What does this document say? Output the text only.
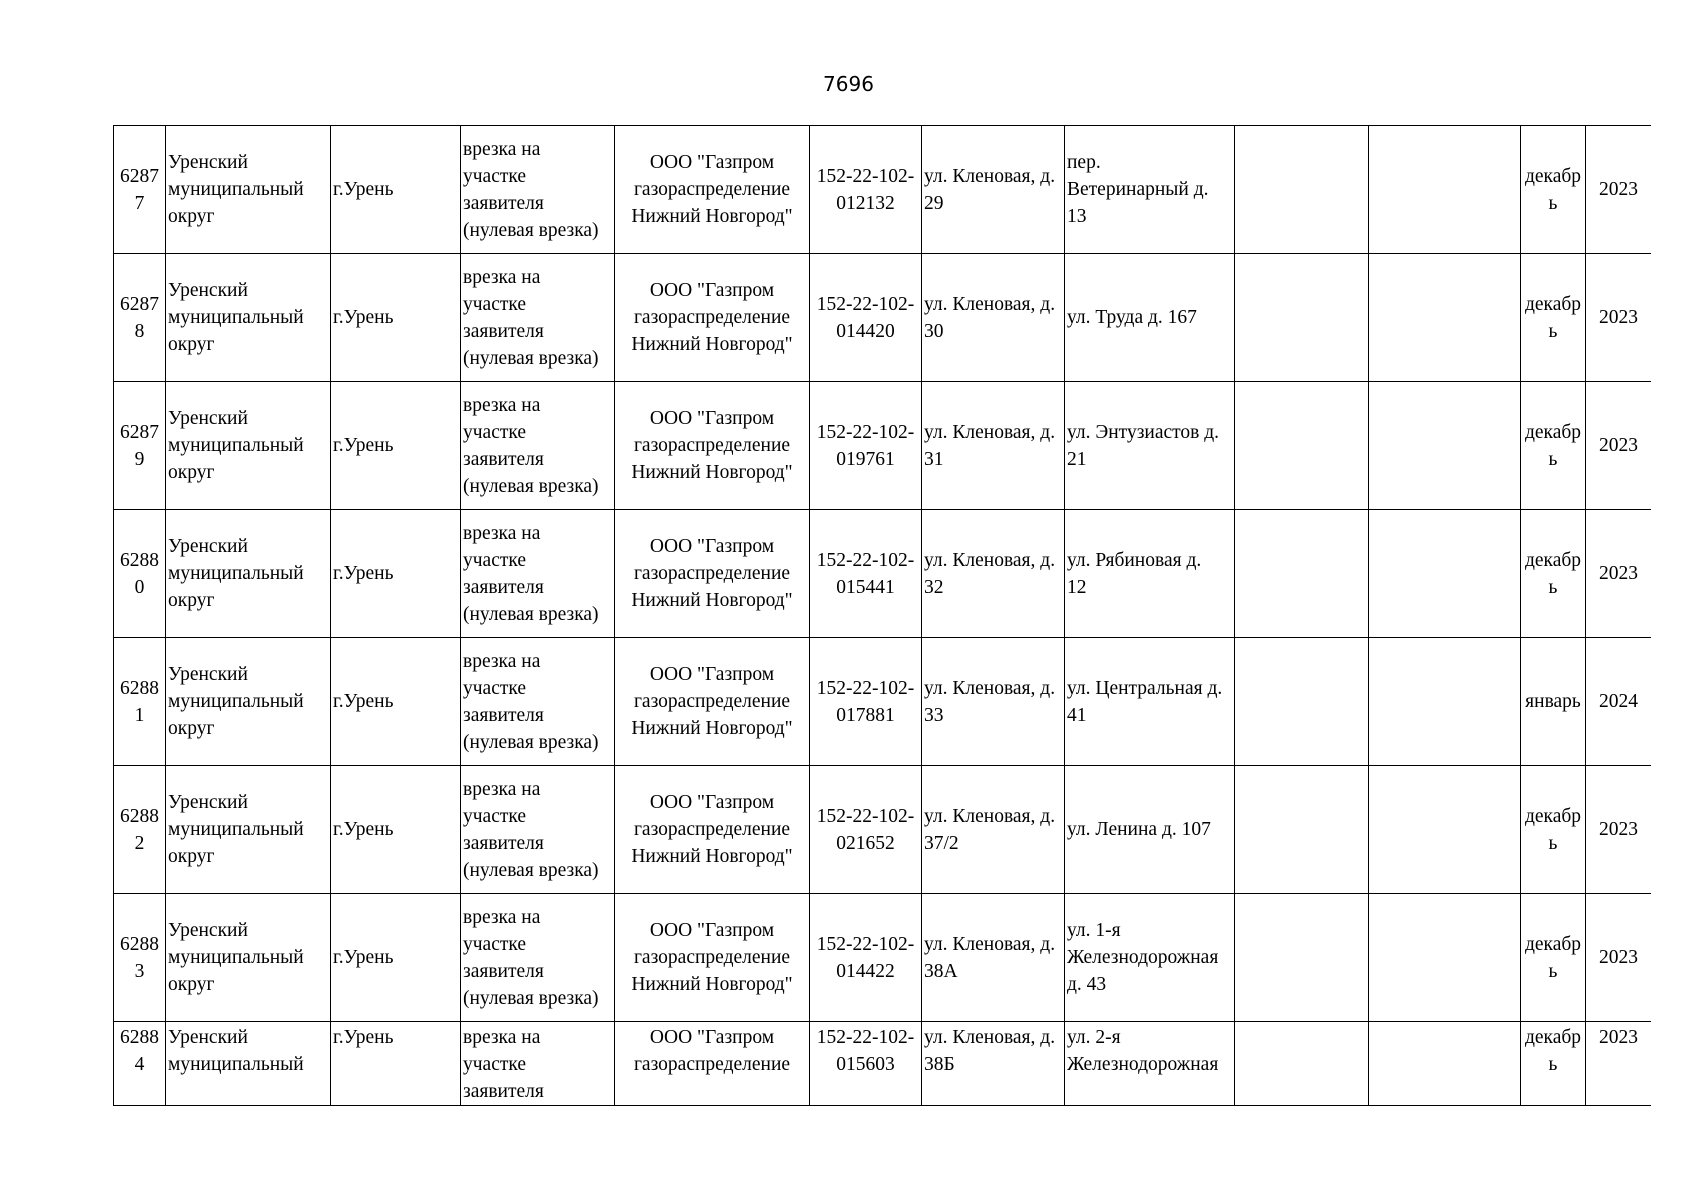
7696
6287
7	Уренский
муниципальный
округ	г.Урень	врезка на
участке
заявителя
(нулевая врезка)	ООО "Газпром
газораспределение
Нижний Новгород"	152-22-102-
012132	ул. Кленовая, д.
29	пер.
Ветеринарный д.
13			декабр
ь	2023
6287
8	Уренский
муниципальный
округ	г.Урень	врезка на
участке
заявителя
(нулевая врезка)	ООО "Газпром
газораспределение
Нижний Новгород"	152-22-102-
014420	ул. Кленовая, д.
30	ул. Труда д. 167			декабр
ь	2023
6287
9	Уренский
муниципальный
округ	г.Урень	врезка на
участке
заявителя
(нулевая врезка)	ООО "Газпром
газораспределение
Нижний Новгород"	152-22-102-
019761	ул. Кленовая, д.
31	ул. Энтузиастов д.
21			декабр
ь	2023
6288
0	Уренский
муниципальный
округ	г.Урень	врезка на
участке
заявителя
(нулевая врезка)	ООО "Газпром
газораспределение
Нижний Новгород"	152-22-102-
015441	ул. Кленовая, д.
32	ул. Рябиновая д.
12			декабр
ь	2023
6288
1	Уренский
муниципальный
округ	г.Урень	врезка на
участке
заявителя
(нулевая врезка)	ООО "Газпром
газораспределение
Нижний Новгород"	152-22-102-
017881	ул. Кленовая, д.
33	ул. Центральная д.
41			январь	2024
6288
2	Уренский
муниципальный
округ	г.Урень	врезка на
участке
заявителя
(нулевая врезка)	ООО "Газпром
газораспределение
Нижний Новгород"	152-22-102-
021652	ул. Кленовая, д.
37/2	ул. Ленина д. 107			декабр
ь	2023
6288
3	Уренский
муниципальный
округ	г.Урень	врезка на
участке
заявителя
(нулевая врезка)	ООО "Газпром
газораспределение
Нижний Новгород"	152-22-102-
014422	ул. Кленовая, д.
38А	ул. 1-я
Железнодорожная
д. 43			декабр
ь	2023
6288
4	Уренский
муниципальный	г.Урень	врезка на
участке
заявителя	ООО "Газпром
газораспределение	152-22-102-
015603	ул. Кленовая, д.
38Б	ул. 2-я
Железнодорожная			декабр
ь	2023
